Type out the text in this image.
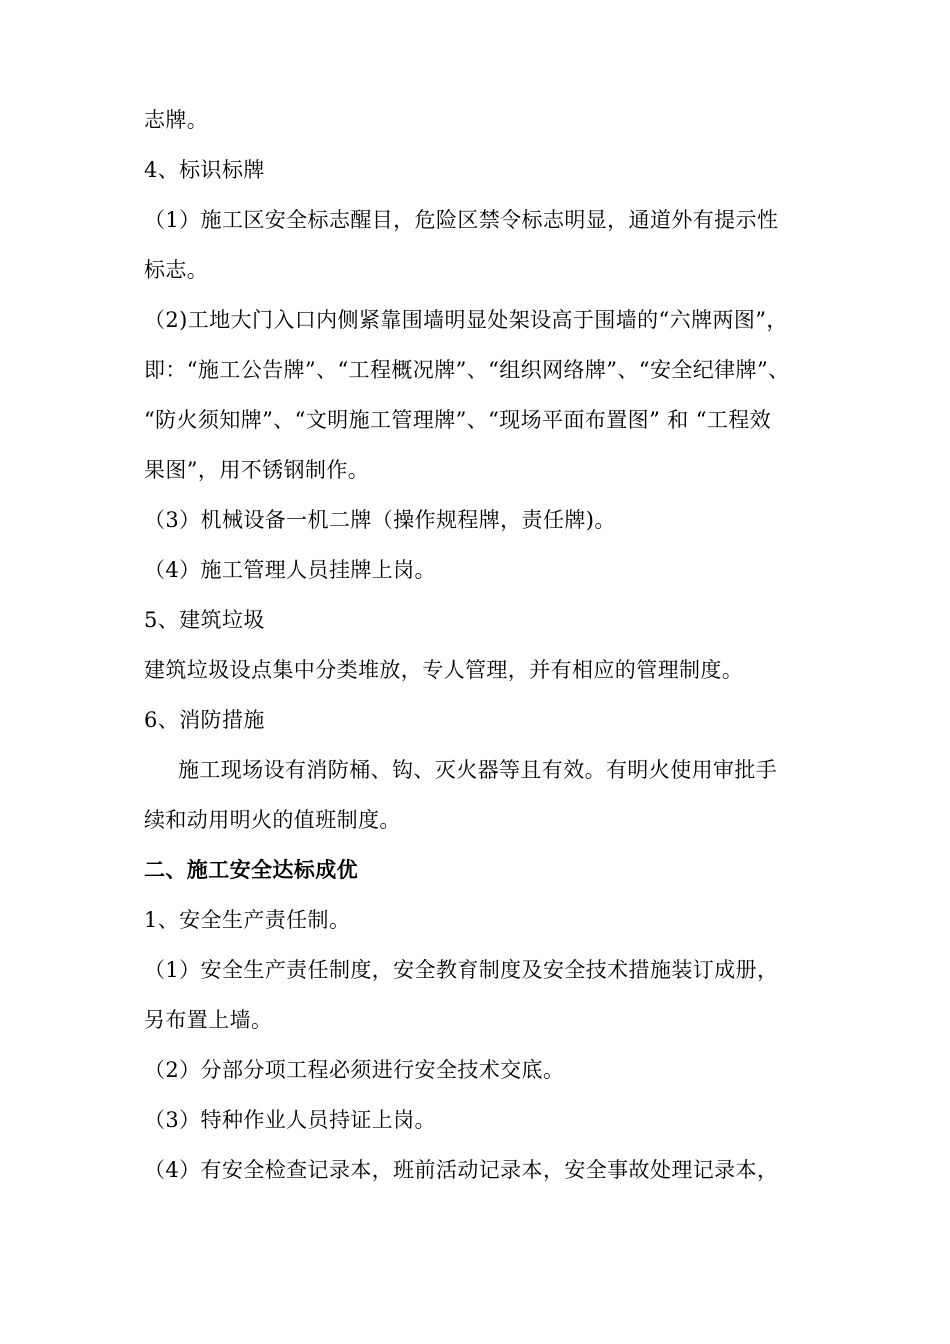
志牌。
4、标识标牌
（1）施工区安全标志醒目，危险区禁令标志明显，通道外有提示性
标志。
（2)工地大门入口内侧紧靠围墙明显处架设高于围墙的“六牌两图”，
即：“施工公告牌”、“工程概况牌”、“组织网络牌”、“安全纪律牌”、
“防火须知牌”、“文明施工管理牌”、“现场平面布置图” 和 “工程效
果图”，用不锈钢制作。
（3）机械设备一机二牌（操作规程牌，责任牌)。
（4）施工管理人员挂牌上岗。
5、建筑垃圾
建筑垃圾设点集中分类堆放，专人管理，并有相应的管理制度。
6、消防措施
施工现场设有消防桶、钩、灭火器等且有效。有明火使用审批手
续和动用明火的值班制度。
二、施工安全达标成优
1、安全生产责任制。
（1）安全生产责任制度，安全教育制度及安全技术措施装订成册，
另布置上墙。
（2）分部分项工程必须进行安全技术交底。
（3）特种作业人员持证上岗。
（4）有安全检查记录本，班前活动记录本，安全事故处理记录本，
